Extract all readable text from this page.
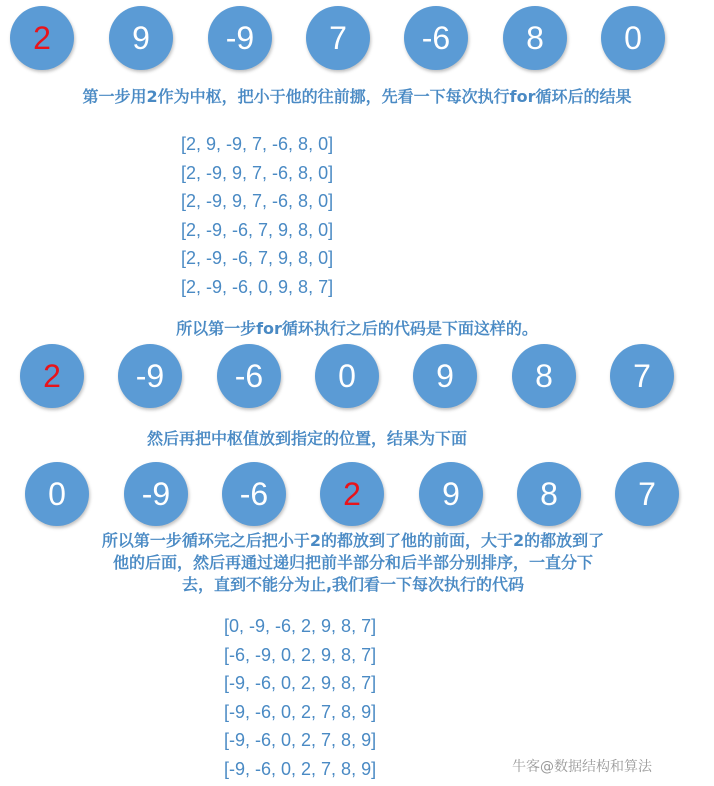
2	9	-9	7	-6	8	0
第一步用2作为中枢，把小于他的往前挪，先看一下每次执行for循环后的结果
[2, 9, -9, 7, -6, 8, 0]
[2, -9, 9, 7, -6, 8, 0]
[2, -9, 9, 7, -6, 8, 0]
[2, -9, -6, 7, 9, 8, 0]
[2, -9, -6, 7, 9, 8, 0]
[2, -9, -6, 0, 9, 8, 7]
所以第一步for循环执行之后的代码是下面这样的。
2	-9	-6	0	9	8	7
然后再把中枢值放到指定的位置，结果为下面
0	-9	-6	2	9	8	7
所以第一步循环完之后把小于2的都放到了他的前面，大于2的都放到了
他的后面，然后再通过递归把前半部分和后半部分别排序，一直分下
去，直到不能分为止,我们看一下每次执行的代码
[0, -9, -6, 2, 9, 8, 7]
[-6, -9, 0, 2, 9, 8, 7]
[-9, -6, 0, 2, 9, 8, 7]
[-9, -6, 0, 2, 7, 8, 9]
[-9, -6, 0, 2, 7, 8, 9]
[-9, -6, 0, 2, 7, 8, 9]	牛客@数据结构和算法
